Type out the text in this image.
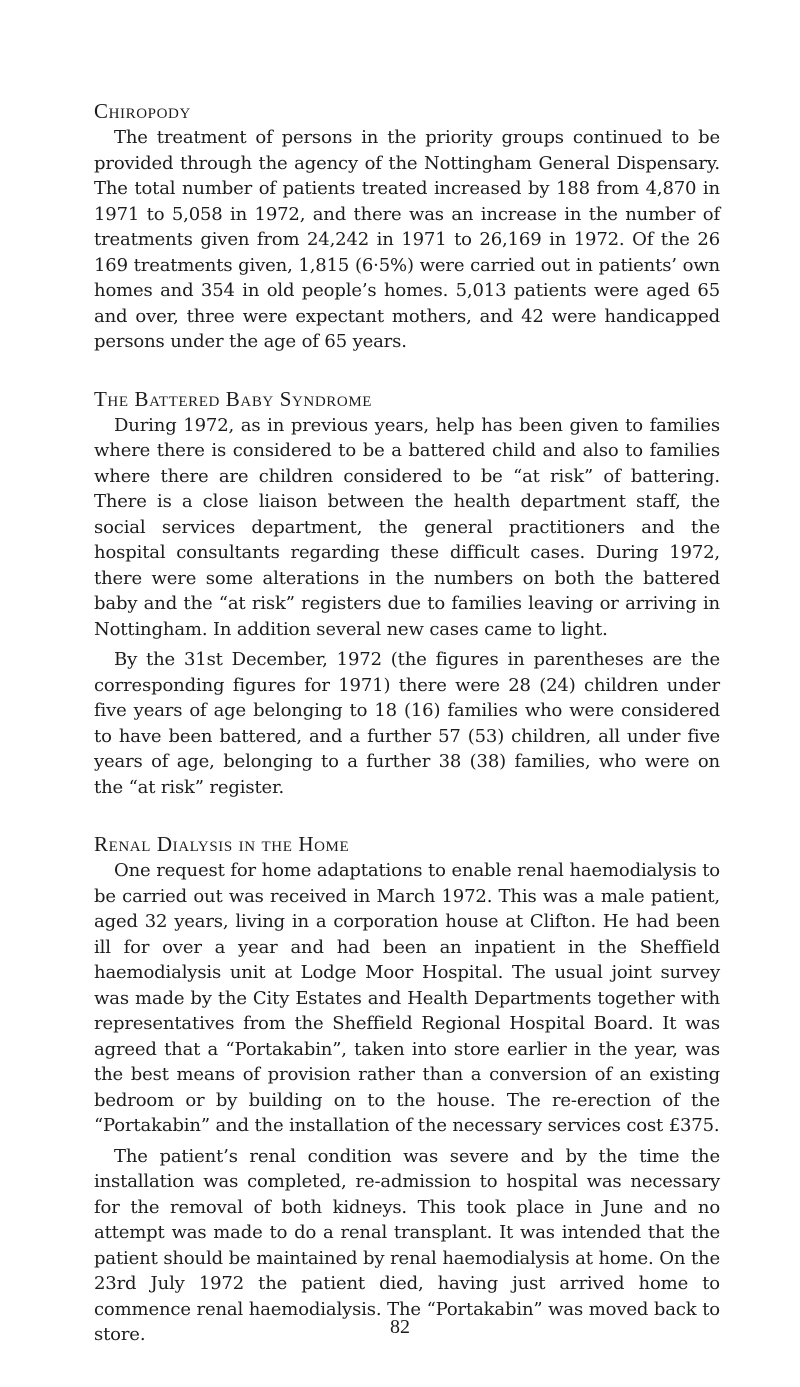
Chiropody

The treatment of persons in the priority groups continued to be provided through the agency of the Nottingham General Dispensary. The total number of patients treated increased by 188 from 4,870 in 1971 to 5,058 in 1972, and there was an increase in the number of treatments given from 24,242 in 1971 to 26,169 in 1972. Of the 26 169 treatments given, 1,815 (6·5%) were carried out in patients’ own homes and 354 in old people’s homes. 5,013 patients were aged 65 and over, three were expectant mothers, and 42 were handicapped persons under the age of 65 years.

The Battered Baby Syndrome

During 1972, as in previous years, help has been given to families where there is considered to be a battered child and also to families where there are children considered to be “at risk” of battering. There is a close liaison between the health department staff, the social services department, the general practitioners and the hospital consultants regarding these difficult cases. During 1972, there were some alterations in the numbers on both the battered baby and the “at risk” registers due to families leaving or arriving in Nottingham. In addition several new cases came to light.

By the 31st December, 1972 (the figures in parentheses are the corresponding figures for 1971) there were 28 (24) children under five years of age belonging to 18 (16) families who were considered to have been battered, and a further 57 (53) children, all under five years of age, belonging to a further 38 (38) families, who were on the “at risk” register.

Renal Dialysis in the Home

One request for home adaptations to enable renal haemodialysis to be carried out was received in March 1972. This was a male patient, aged 32 years, living in a corporation house at Clifton. He had been ill for over a year and had been an inpatient in the Sheffield haemodialysis unit at Lodge Moor Hospital. The usual joint survey was made by the City Estates and Health Departments together with representatives from the Sheffield Regional Hospital Board. It was agreed that a “Portakabin”, taken into store earlier in the year, was the best means of provision rather than a conversion of an existing bedroom or by building on to the house. The re-erection of the “Portakabin” and the installation of the necessary services cost £375.

The patient’s renal condition was severe and by the time the installation was completed, re-admission to hospital was necessary for the removal of both kidneys. This took place in June and no attempt was made to do a renal transplant. It was intended that the patient should be maintained by renal haemodialysis at home. On the 23rd July 1972 the patient died, having just arrived home to commence renal haemodialysis. The “Portakabin” was moved back to store.	82
